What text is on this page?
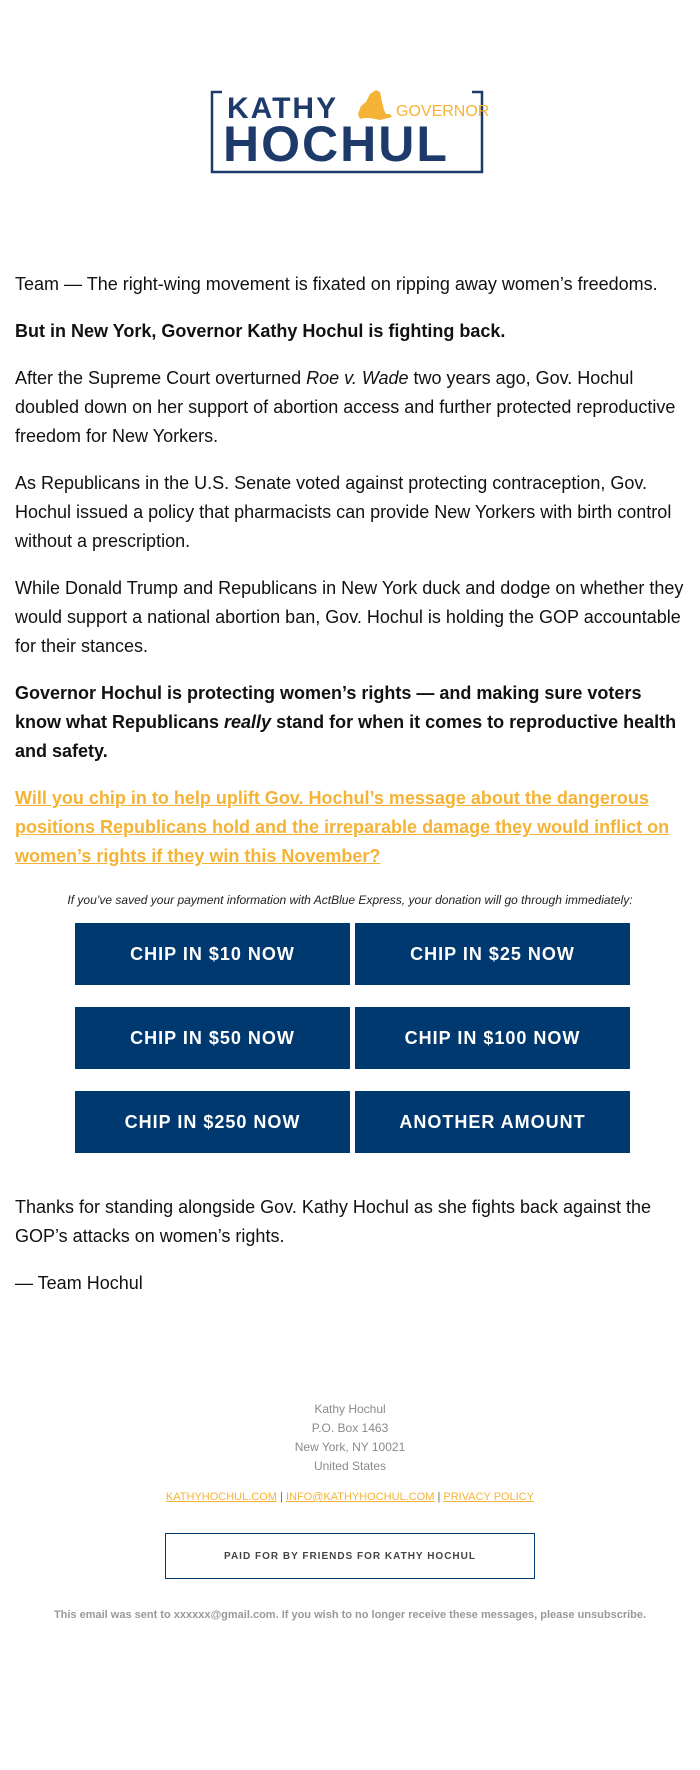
KATHY	GOVERNOR
HOCHUL

Team — The right-wing movement is fixated on ripping away women’s freedoms.

But in New York, Governor Kathy Hochul is fighting back.

After the Supreme Court overturned Roe v. Wade two years ago, Gov. Hochul doubled down on her support of abortion access and further protected reproductive freedom for New Yorkers.

As Republicans in the U.S. Senate voted against protecting contraception, Gov. Hochul issued a policy that pharmacists can provide New Yorkers with birth control without a prescription.

While Donald Trump and Republicans in New York duck and dodge on whether they would support a national abortion ban, Gov. Hochul is holding the GOP accountable for their stances.

Governor Hochul is protecting women’s rights — and making sure voters know what Republicans really stand for when it comes to reproductive health and safety.

Will you chip in to help uplift Gov. Hochul’s message about the dangerous positions Republicans hold and the irreparable damage they would inflict on women’s rights if they win this November?

If you’ve saved your payment information with ActBlue Express, your donation will go through immediately:

CHIP IN $10 NOW	CHIP IN $25 NOW
CHIP IN $50 NOW	CHIP IN $100 NOW
CHIP IN $250 NOW	ANOTHER AMOUNT

Thanks for standing alongside Gov. Kathy Hochul as she fights back against the GOP’s attacks on women’s rights.

— Team Hochul

Kathy Hochul
P.O. Box 1463
New York, NY 10021
United States
KATHYHOCHUL.COM | INFO@KATHYHOCHUL.COM | PRIVACY POLICY
PAID FOR BY FRIENDS FOR KATHY HOCHUL
This email was sent to xxxxxx@gmail.com. If you wish to no longer receive these messages, please unsubscribe.
